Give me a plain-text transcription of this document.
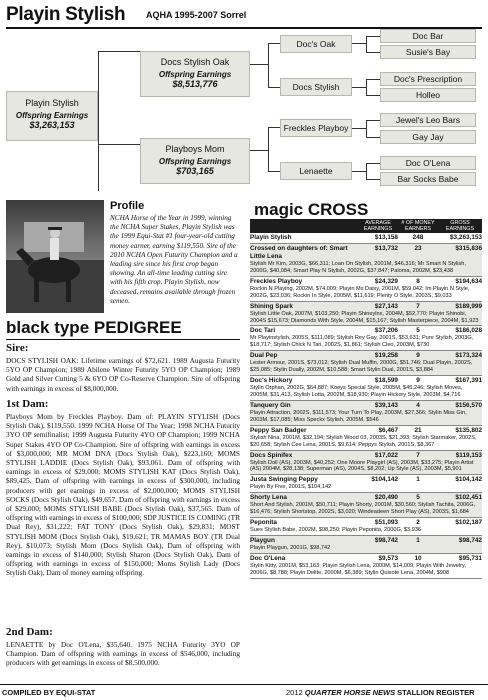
Playin Stylish AQHA 1995-2007 Sorrel
Playin Stylish
Offspring Earnings
$3,263,153
Docs Stylish Oak
Offspring Earnings
$8,513,776
Playboys Mom
Offspring Earnings
$703,165
Doc's Oak
Docs Stylish
Freckles Playboy
Lenaette
Doc Bar
Susie's Bay
Doc's Prescription
Holleo
Jewel's Leo Bars
Gay Jay
Doc O'Lena
Bar Socks Babe
Profile
NCHA Horse of the Year in 1999, winning the NCHA Super Stakes, Playin Stylish was the 1999 Equi-Stat #1 four-year-old cutting money earner, earning $119,550. Sire of the 2010 NCHA Open Futurity Champion and a leading sire since his first crop began showing. An all-time leading cutting sire with his fifth crop, Playin Stylish, now deceased, remains available through frozen semen.
black type PEDIGREE
Sire:
DOCS STYLISH OAK: Lifetime earnings of $72,621. 1989 Augusta Futurity 5YO OP Champion; 1989 Abilene Winter Futurity 5YO OP Champion; 1989 Gold and Silver Cutting 5 & 6YO OP Co-Reserve Champion. Sire of offspring with earnings in excess of $8,000,000.
1st Dam:
Playboys Mom by Freckles Playboy. Dam of: PLAYIN STYLISH (Docs Stylish Oak), $119,550. 1999 NCHA Horse Of The Year; 1998 NCHA Futurity 3YO OP semifinalist; 1999 Augusta Futurity 4YO OP Champion; 1999 NCHA Super Stakes 4YO OP Co-Champion. Sire of offspring with earnings in excess of $3,000,000; MR MOM DNA (Docs Stylish Oak), $223,160; MOMS STYLISH LADDIE (Docs Stylish Oak), $93,061. Dam of offspring with earnings in excess of $29,000; MOMS STYLISH KAT (Docs Stylish Oak), $89,425. Dam of offspring with earnings in excess of $300,000, including producers with get earnings in excess of $2,000,000; MOMS STYLISH SOCKS (Docs Stylish Oak), $49,657. Dam of offspring with earnings in excess of $29,000; MOMS STYLISH BABE (Docs Stylish Oak), $37,565. Dam of offspring with earnings in excess of $100,000; SDP JUSTICE IS COMING (TR Dual Rey), $31,222; FAT TONY (Docs Stylish Oak), $29,831; MOST STYLISH MOM (Docs Stylish Oak), $19,621; TR MAMAS BOY (TR Dual Rey), $10,073; Stylish Mom (Docs Stylish Oak), Dam of offspring with earnings in excess of $140,000; Stylish Sharon (Docs Stylish Oak), Dam of offspring with earnings in excess of $150,000; Moms Stylish Lady (Docs Stylish Oak), Dam of money earning offspring.
2nd Dam:
LENAETTE by Doc O'Lena, $35,640. 1975 NCHA Futurity 3YO OP Champion. Dam of offspring with earnings in excess of $546,000, including producers with get earnings in excess of $8,500,000.
magic CROSS
AVERAGE EARNINGS
# OF MONEY EARNERS
GROSS EARNINGS
Playin Stylish	$13,158	248	$3,263,153
Crossed on daughters of: Smart Little Lena
$13,732	23	$315,836
Stylish Mr Kim, 2003G, $66,311; Loan On Stylish, 2001M, $46,316; Mr Smart N Stylish, 2000G, $40,084; Smart Play N Stylish, 2002G, $37,847; Paloma, 2002M, $23,438
Freckles Playboy	$24,329	8	$194,634
Rockin N Playing, 2002M, $74,009; Playin Ms Daisy, 2001M, $59,042; Im Playin N Style, 2002G, $23,036; Rockin In Style, 2005M, $11,619; Plenty O Style, 2003S, $9,033
Shining Spark	$27,143	7	$189,999
Stylish Little Oak, 2007M, $103,250; Playin Shineylnx, 2004M, $52,770; Playin Shinobi, 2004S $15,673; Diamonds With Style, 2004M, $15,167; Stylish Masterpiece, 2004M, $1,923
Doc Tari	$37,206	5	$186,028
Mr Playinstylish, 2005S, $111,089; Stylish Rey Gay, 2001S, $53,631; Pure Stylish, 2003G, $18,717; Stylish Chick N Tari, 2002S, $1,861; Stylish Cleo, 2003M, $730
Dual Pep	$19,258	9	$173,324
Lester Armour, 2001S, $73,012; Stylish Dual Muffin, 2000G, $51,746; Dual Playin, 2002S, $25,085; Stylin Dually, 2002M, $10,588; Smart Stylin Dual, 2001S, $3,884
Doc's Hickory	$18,599	9	$167,391
Stylin Orphan, 2002G, $64,887; Koeys Special Style, 2005M, $45,246; Stylish Moves, 2005M, $31,413, Stylish Lotta, 2002M, $18,930; Playin Hickory Style, 2003M, $4,716
Tanquery Gin	$39,143	4	$156,570
Playin Attraction, 2002S, $111,573; Your Turn To Play, 2003M, $27,366; Stylin Miss Gin, 2003M, $17,085; Miss Speckx Stylish, 2005M, $546
Peppy San Badger	$6,467	21	$135,802
Stylish Nina, 2001M, $32,194; Stylish Wood 03, 2003S, $21,393; Stylish Starmaker, 2002S, $20,658; Stylish Cee Lena, 2001S, $9,614; Peppys Stylish, 2001S, $8,367
Docs Spinifex	$17,022	7	$119,153
Stylish Doll (AS), 2003M, $40,252; One Moore Playgirl (AS), 2003M, $33,275; Playin Artist (AS) 2004M, $28,138; Superman (AS), 2004S, $8,202; Up Style (AS), 2003M, $5,901
Justa Swinging Peppy	$104,142	1	$104,142
Playin By Five, 2001S, $104,142
Shorty Lena	$20,490	5	$102,451
Short And Stylish, 2001M, $50,711; Playin Shorty, 2001M, $30,560; Stylish Tachita, 2006G, $16,476; Stylish Shortstop, 2002S, $3,020; Windeadeen Short Play (AS), 2003S, $1,684
Peponita	$51,093	2	$102,187
Sues Stylish Babe, 2002M, $98,250; Playin Peponita, 2000G, $3,936
Playgun	$98,742	1	$98,742
Playin Playgun, 2001G, $98,742
Doc O'Lena	$9,573	10	$95,731
Stylin Kitty, 2001M, $53,163; Playin Stylish Lena, 2000M, $14,009; Playin With Jewelry, 2006G, $8,788; Playin Delite, 2000M, $6,389; Stylin Quixote Lena, 2004M, $908
COMPILED BY EQUI-STAT	2012 QUARTER HORSE NEWS STALLION REGISTER
